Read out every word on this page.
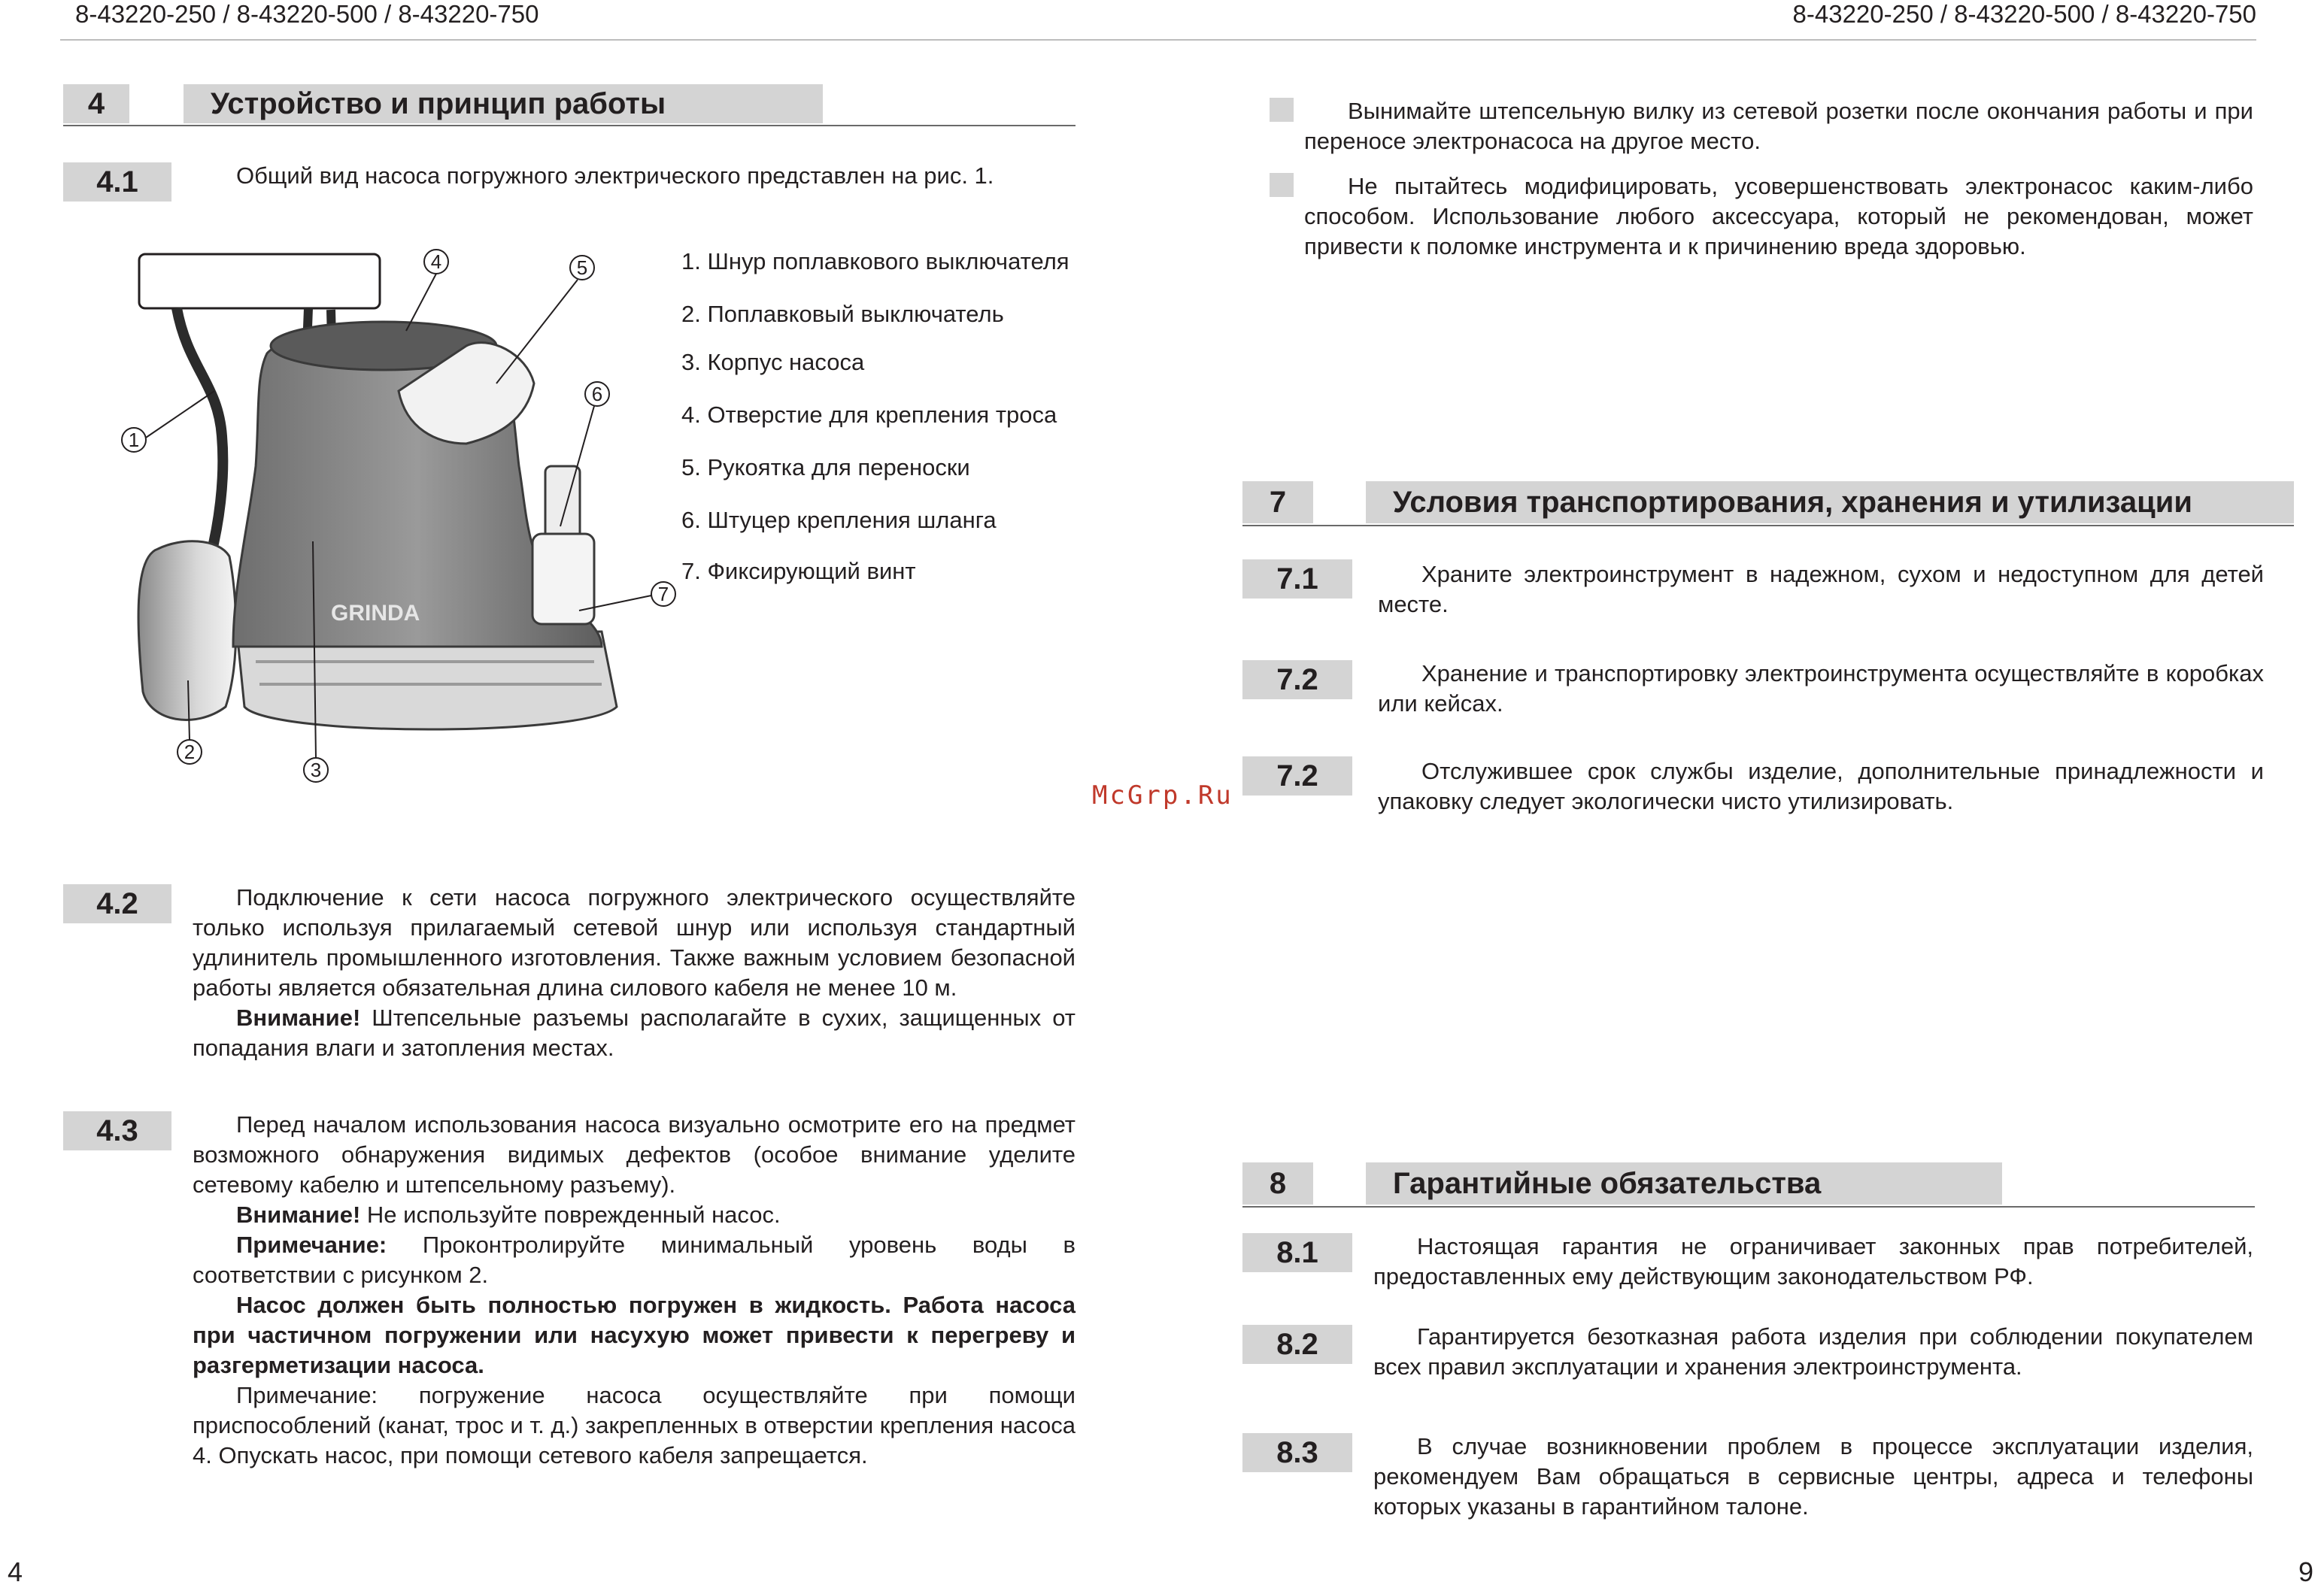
8-43220-250 / 8-43220-500 / 8-43220-750	8-43220-250 / 8-43220-500 / 8-43220-750
4	Устройство и принцип работы
4.1	Общий вид насоса погружного электрического представлен на рис. 1.

GRINDA
1
2
3
4	5
6
7
1. Шнур поплавкового выключателя
2. Поплавковый выключатель
3. Корпус насоса
4. Отверстие для крепления троса
5. Рукоятка для переноски
6. Штуцер крепления шланга
7. Фиксирующий винт
McGrp.Ru
4.2	Подключение к сети насоса погружного электрического осуществляйте только используя прилагаемый сетевой шнур или используя стандартный удлинитель промышленного изготовления. Также важным условием безопасной работы является обязательная длина силового кабеля не менее 10 м.

Внимание! Штепсельные разъемы располагайте в сухих, защищенных от попадания влаги и затопления местах.

4.3	Перед началом использования насоса визуально осмотрите его на предмет возможного обнаружения видимых дефектов (особое внимание уделите сетевому кабелю и штепсельному разъему).

Внимание! Не используйте поврежденный насос.

Примечание: Проконтролируйте минимальный уровень воды в соответствии с рисунком 2.

Насос должен быть полностью погружен в жидкость. Работа насоса при частичном погружении или насухую может привести к перегреву и разгерметизации насоса.

Примечание: погружение насоса осуществляйте при помощи приспособлений (канат, трос и т. д.) закрепленных в отверстии крепления насоса 4. Опускать насос, при помощи сетевого кабеля запрещается.

4

Вынимайте штепсельную вилку из сетевой розетки после окончания работы и при переносе электронасоса на другое место.

Не пытайтесь модифицировать, усовершенствовать электронасос каким-либо способом. Использование любого аксессуара, который не рекомендован, может привести к поломке инструмента и к причинению вреда здоровью.

7	Условия транспортирования, хранения и утилизации
7.1	Храните электроинструмент в надежном, сухом и недоступном для детей месте.

7.2	Хранение и транспортировку электроинструмента осуществляйте в коробках или кейсах.

7.2	Отслужившее срок службы изделие, дополнительные принадлежности и упаковку следует экологически чисто утилизировать.

8	Гарантийные обязательства
8.1	Настоящая гарантия не ограничивает законных прав потребителей, предоставленных ему действующим законодательством РФ.

8.2	Гарантируется безотказная работа изделия при соблюдении покупателем всех правил эксплуатации и хранения электроинструмента.

8.3	В случае возникновении проблем в процессе эксплуатации изделия, рекомендуем Вам обращаться в сервисные центры, адреса и телефоны которых указаны в гарантийном талоне.

9
